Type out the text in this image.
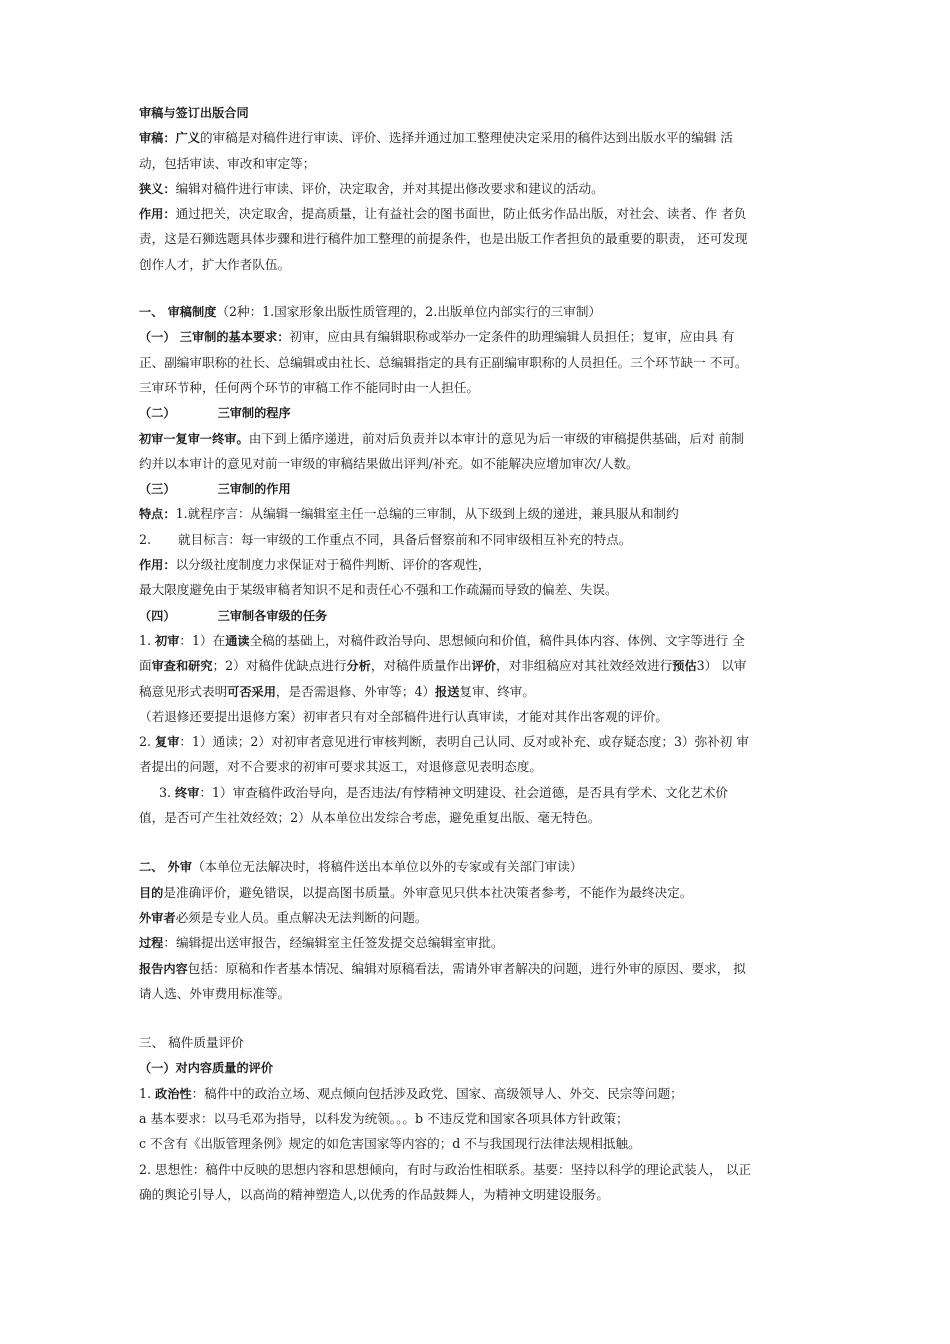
审稿与签订出版合同
审稿：广义的审稿是对稿件进行审读、评价、选择并通过加工整理使决定采用的稿件达到出版水平的编辑 活
动，包括审读、审改和审定等；
狭义：编辑对稿件进行审读、评价，决定取舍，并对其提出修改要求和建议的活动。
作用：通过把关，决定取舍，提高质量，让有益社会的图书面世，防止低劣作品出版，对社会、读者、作 者负
责，这是石狮选题具体步骤和进行稿件加工整理的前提条件，也是出版工作者担负的最重要的职责， 还可发现
创作人才，扩大作者队伍。
一、 审稿制度（2种：1.国家形象出版性质管理的，2.出版单位内部实行的三审制）
（一） 三审制的基本要求：初审，应由具有编辑职称或举办一定条件的助理编辑人员担任；复审，应由具 有
正、副编审职称的社长、总编辑或由社长、总编辑指定的具有正副编审职称的人员担任。三个环节缺一 不可。
三审环节种，任何两个环节的审稿工作不能同时由一人担任。
（二）	三审制的程序
初审一复审一终审。由下到上循序递进，前对后负责并以本审计的意见为后一审级的审稿提供基础，后对 前制
约并以本审计的意见对前一审级的审稿结果做出评判/补充。如不能解决应增加审次/人数。
（三）	三审制的作用
特点：1.就程序言：从编辑一编辑室主任一总编的三审制，从下级到上级的递进，兼具服从和制约
2. 就目标言：每一审级的工作重点不同，具备后督察前和不同审级相互补充的特点。
作用：以分级社度制度力求保证对于稿件判断、评价的客观性，
最大限度避免由于某级审稿者知识不足和责任心不强和工作疏漏而导致的偏差、失误。
（四）	三审制各审级的任务
1. 初审：1）在通读全稿的基础上，对稿件政治导向、思想倾向和价值，稿件具体内容、体例、文字等进行 全
面审查和研究；2）对稿件优缺点进行分析，对稿件质量作出评价，对非组稿应对其社效经效进行预估3） 以审
稿意见形式表明可否采用，是否需退修、外审等；4）报送复审、终审。
（若退修还要提出退修方案）初审者只有对全部稿件进行认真审读，才能对其作出客观的评价。
2. 复审：1）通读；2）对初审者意见进行审核判断，表明自己认同、反对或补充、或存疑态度；3）弥补初 审
者提出的问题，对不合要求的初审可要求其返工，对退修意见表明态度。
3. 终审：1）审查稿件政治导向，是否违法/有悖精神文明建设、社会道德，是否具有学术、文化艺术价
值，是否可产生社效经效；2）从本单位出发综合考虑，避免重复出版、毫无特色。
二、 外审（本单位无法解决时，将稿件送出本单位以外的专家或有关部门审读）
目的是准确评价，避免错误，以提高图书质量。外审意见只供本社决策者参考，不能作为最终决定。
外审者必须是专业人员。重点解决无法判断的问题。
过程：编辑提出送审报告，经编辑室主任签发提交总编辑室审批。
报告内容包括：原稿和作者基本情况、编辑对原稿看法，需请外审者解决的问题，进行外审的原因、要求， 拟
请人选、外审费用标准等。
三、 稿件质量评价
（一）对内容质量的评价
1. 政治性：稿件中的政治立场、观点倾向包括涉及政党、国家、高级领导人、外交、民宗等问题；
a 基本要求：以马毛邓为指导，以科发为统领。。。b 不违反党和国家各项具体方针政策；
c 不含有《出版管理条例》规定的如危害国家等内容的；d 不与我国现行法律法规相抵触。
2. 思想性：稿件中反映的思想内容和思想倾向，有时与政治性相联系。基要：坚持以科学的理论武装人， 以正
确的舆论引导人，以高尚的精神塑造人,以优秀的作品鼓舞人，为精神文明建设服务。
